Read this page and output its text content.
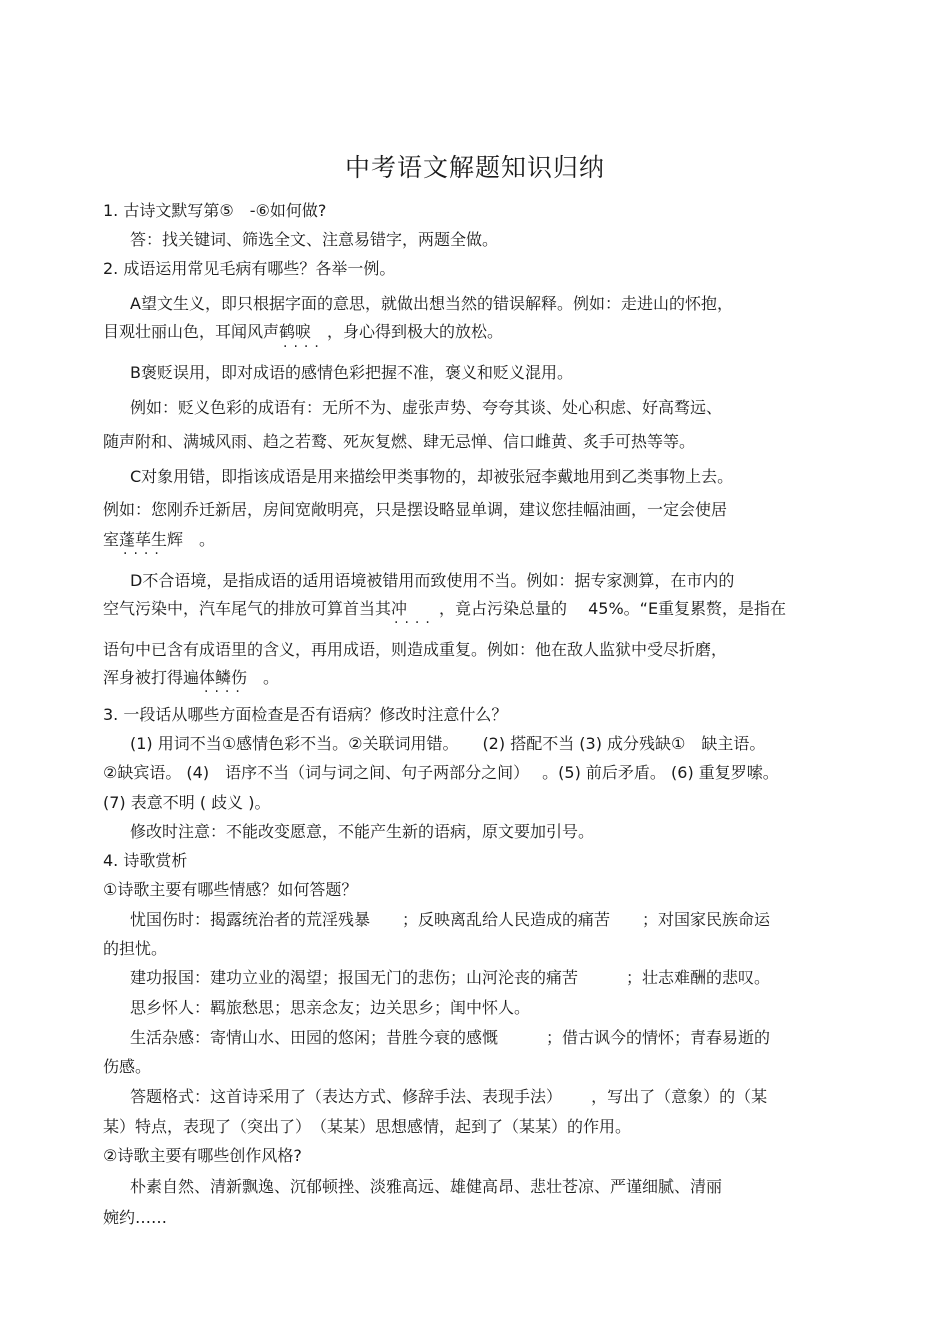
中考语文解题知识归纳
1. 古诗文默写第⑤　-⑥如何做?
答：找关键词、筛选全文、注意易错字，两题全做。
2. 成语运用常见毛病有哪些？各举一例。
A望文生义，即只根据字面的意思，就做出想当然的错误解释。例如：走进山的怀抱，
目观壮丽山色，耳闻风声鹤唳　，身心得到极大的放松。
····
B褒贬误用，即对成语的感情色彩把握不准，褒义和贬义混用。
例如：贬义色彩的成语有：无所不为、虚张声势、夸夸其谈、处心积虑、好高骛远、
随声附和、满城风雨、趋之若鹜、死灰复燃、肆无忌惮、信口雌黄、炙手可热等等。
C对象用错，即指该成语是用来描绘甲类事物的，却被张冠李戴地用到乙类事物上去。
例如：您刚乔迁新居，房间宽敞明亮，只是摆设略显单调，建议您挂幅油画，一定会使居
室蓬荜生辉　。
····
D不合语境，是指成语的适用语境被错用而致使用不当。例如：据专家测算，在市内的
空气污染中，汽车尾气的排放可算首当其冲　　，竟占污染总量的　 45%。“E重复累赘，是指在
····
语句中已含有成语里的含义，再用成语，则造成重复。例如：他在敌人监狱中受尽折磨，
浑身被打得遍体鳞伤　。
····
3. 一段话从哪些方面检查是否有语病？修改时注意什么？
(1) 用词不当①感情色彩不当。②关联词用错。　　(2) 搭配不当 (3) 成分残缺①　缺主语。
②缺宾语。 (4)　语序不当（词与词之间、句子两部分之间）　 。(5) 前后矛盾。 (6) 重复罗嗦。
(7) 表意不明 ( 歧义 )。
修改时注意：不能改变愿意，不能产生新的语病，原文要加引号。
4. 诗歌赏析
①诗歌主要有哪些情感？如何答题？
忧国伤时：揭露统治者的荒淫残暴　　；反映离乱给人民造成的痛苦　　；对国家民族命运
的担忧。
建功报国：建功立业的渴望；报国无门的悲伤；山河沦丧的痛苦　　　；壮志难酬的悲叹。
思乡怀人：羁旅愁思；思亲念友；边关思乡；闺中怀人。
生活杂感：寄情山水、田园的悠闲；昔胜今衰的感慨　　　；借古讽今的情怀；青春易逝的
伤感。
答题格式：这首诗采用了（表达方式、修辞手法、表现手法）　　 ，写出了（意象）的（某
某）特点，表现了（突出了）　（某某）思想感情，起到了（某某）的作用。
②诗歌主要有哪些创作风格?
朴素自然、清新飘逸、沉郁顿挫、淡雅高远、雄健高昂、悲壮苍凉、严谨细腻、清丽
婉约……
